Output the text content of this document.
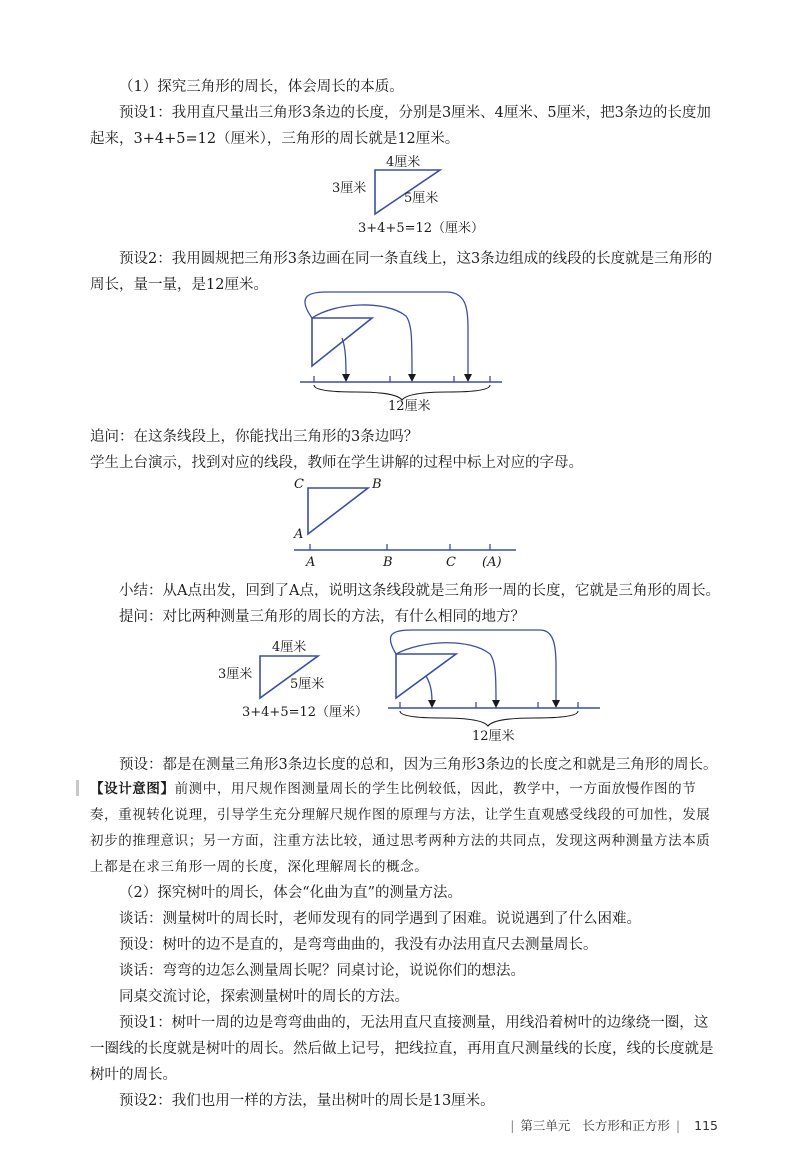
（1）探究三角形的周长，体会周长的本质。

预设1：我用直尺量出三角形3条边的长度，分别是3厘米、4厘米、5厘米，把3条边的长度加起来，3+4+5=12（厘米），三角形的周长就是12厘米。

4厘米
3厘米
5厘米
3+4+5=12（厘米）

预设2：我用圆规把三角形3条边画在同一条直线上，这3条边组成的线段的长度就是三角形的周长，量一量，是12厘米。

12厘米

追问：在这条线段上，你能找出三角形的3条边吗？

学生上台演示，找到对应的线段，教师在学生讲解的过程中标上对应的字母。

C	B
A
A	B	C (A)

小结：从A点出发，回到了A点，说明这条线段就是三角形一周的长度，它就是三角形的周长。

提问：对比两种测量三角形的周长的方法，有什么相同的地方？

4厘米
3厘米
5厘米
3+4+5=12（厘米）
12厘米

预设：都是在测量三角形3条边长度的总和，因为三角形3条边的长度之和就是三角形的周长。

【设计意图】前测中，用尺规作图测量周长的学生比例较低，因此，教学中，一方面放慢作图的节奏，重视转化说理，引导学生充分理解尺规作图的原理与方法，让学生直观感受线段的可加性，发展初步的推理意识；另一方面，注重方法比较，通过思考两种方法的共同点，发现这两种测量方法本质上都是在求三角形一周的长度，深化理解周长的概念。

（2）探究树叶的周长，体会“化曲为直”的测量方法。

谈话：测量树叶的周长时，老师发现有的同学遇到了困难。说说遇到了什么困难。

预设：树叶的边不是直的，是弯弯曲曲的，我没有办法用直尺去测量周长。

谈话：弯弯的边怎么测量周长呢？同桌讨论，说说你们的想法。

同桌交流讨论，探索测量树叶的周长的方法。

预设1：树叶一周的边是弯弯曲曲的，无法用直尺直接测量，用线沿着树叶的边缘绕一圈，这一圈线的长度就是树叶的周长。然后做上记号，把线拉直，再用直尺测量线的长度，线的长度就是树叶的周长。

预设2：我们也用一样的方法，量出树叶的周长是13厘米。

| 第三单元 长方形和正方形 | 115
